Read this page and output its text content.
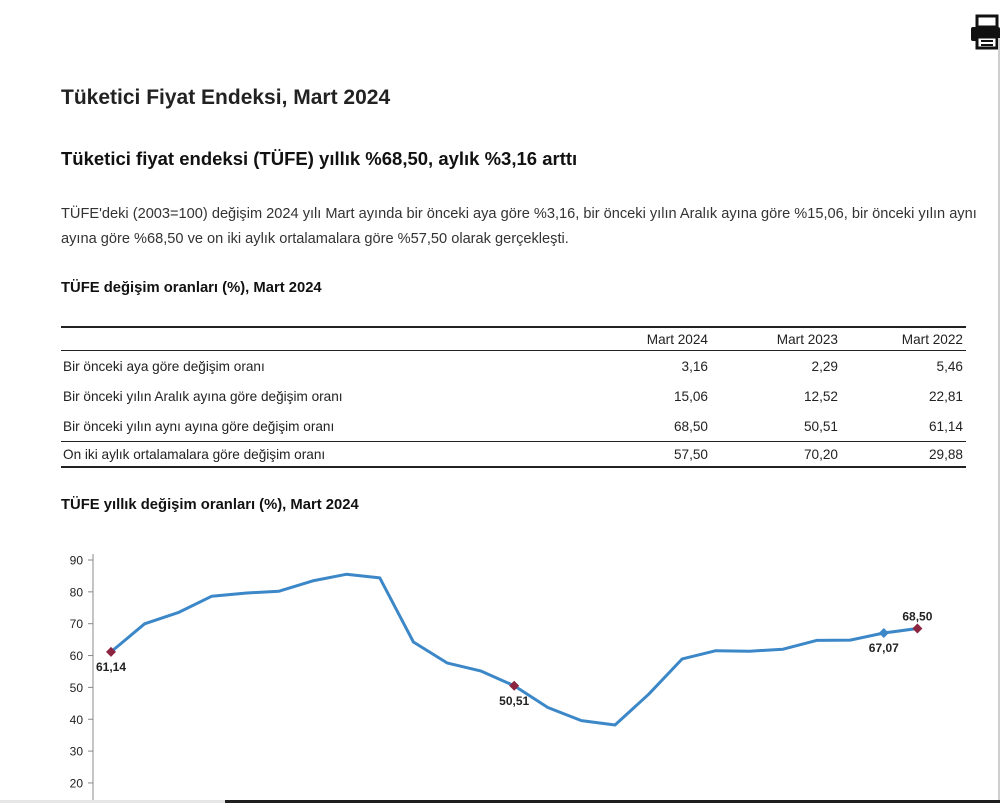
Tüketici Fiyat Endeksi, Mart 2024
Tüketici fiyat endeksi (TÜFE) yıllık %68,50, aylık %3,16 arttı

TÜFE'deki (2003=100) değişim 2024 yılı Mart ayında bir önceki aya göre %3,16, bir önceki yılın Aralık ayına göre %15,06, bir önceki yılın aynı ayına göre %68,50 ve on iki aylık ortalamalara göre %57,50 olarak gerçekleşti.

TÜFE değişim oranları (%), Mart 2024
	Mart 2024	Mart 2023	Mart 2022
Bir önceki aya göre değişim oranı	3,16	2,29	5,46
Bir önceki yılın Aralık ayına göre değişim oranı	15,06	12,52	22,81
Bir önceki yılın aynı ayına göre değişim oranı	68,50	50,51	61,14
On iki aylık ortalamalara göre değişim oranı	57,50	70,20	29,88
TÜFE yıllık değişim oranları (%), Mart 2024
20
30
40
50
60
70
80
90
61,14
50,51
67,07
68,50
